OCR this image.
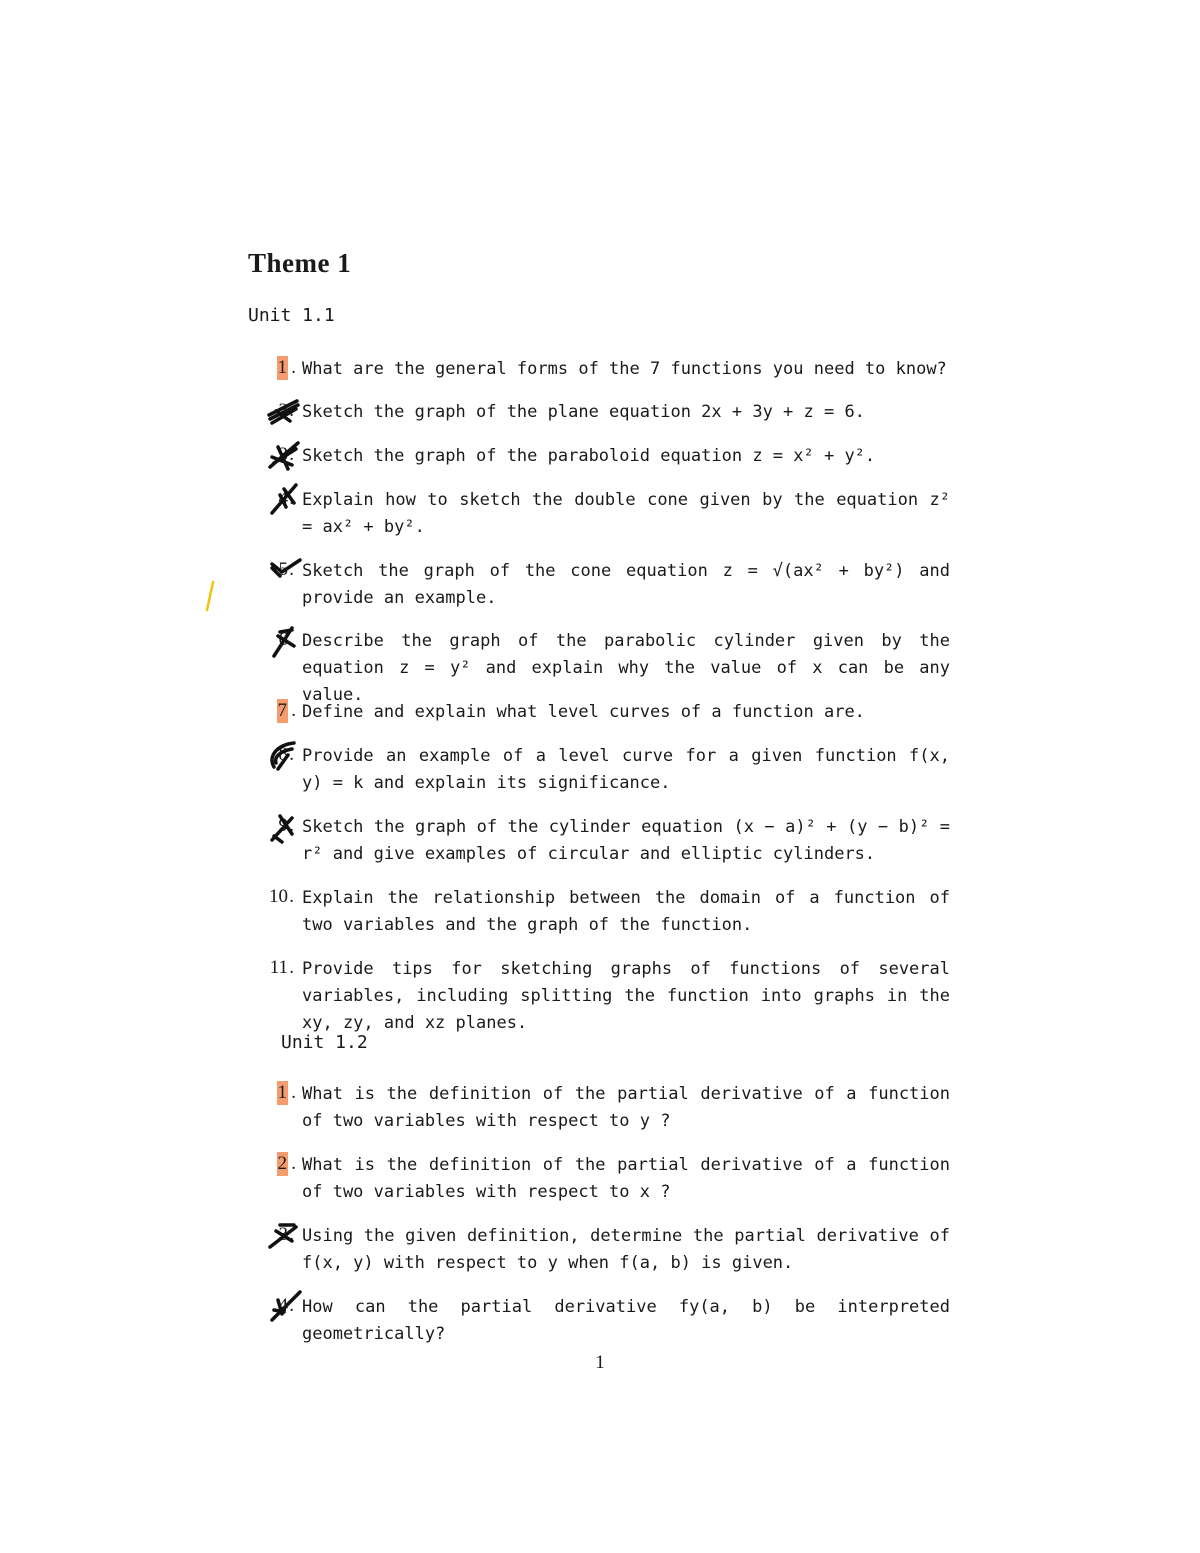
Theme 1

Unit 1.1

1 . What are the general forms of the 7 functions you need to know?

2 . Sketch the graph of the plane equation 2x + 3y + z = 6.

3 . Sketch the graph of the paraboloid equation z = x² + y².

4 . Explain how to sketch the double cone given by the equation z² = ax² + by².

5 . Sketch the graph of the cone equation z = √(ax² + by²) and provide an example.

6 . Describe the graph of the parabolic cylinder given by the equation z = y² and explain why the value of x can be any value.

7 . Define and explain what level curves of a function are.

8 . Provide an example of a level curve for a given function f(x, y) = k and explain its significance.

9 . Sketch the graph of the cylinder equation (x − a)² + (y − b)² = r² and give examples of circular and elliptic cylinders.

10 . Explain the relationship between the domain of a function of two variables and the graph of the function.

11 . Provide tips for sketching graphs of functions of several variables, including splitting the function into graphs in the xy, zy, and xz planes.

Unit 1.2

1 . What is the definition of the partial derivative of a function of two variables with respect to y ?

2 . What is the definition of the partial derivative of a function of two variables with respect to x ?

3 . Using the given definition, determine the partial derivative of f(x, y) with respect to y when f(a, b) is given.

4 . How can the partial derivative fy(a, b) be interpreted geometrically?

1
